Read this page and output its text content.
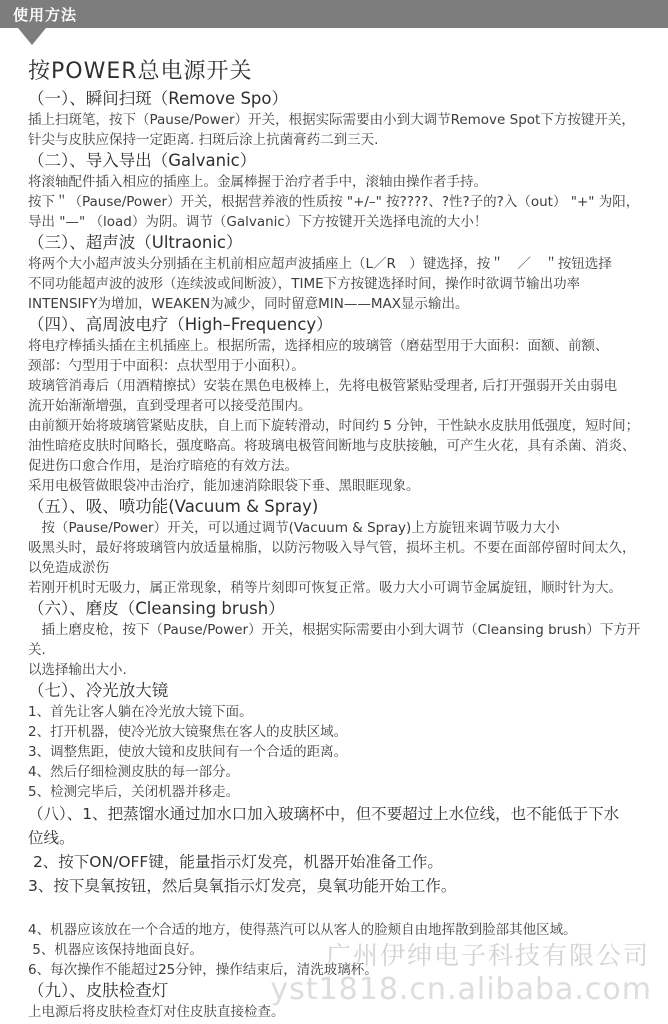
使用方法
按POWER总电源开关
（一）、瞬间扫斑（Remove Spo）
插上扫斑笔，按下（Pause/Power）开关，根据实际需要由小到大调节Remove Spot下方按键开关，
针尖与皮肤应保持一定距离. 扫斑后涂上抗菌膏药二到三天.
（二）、导入导出（Galvanic）
将滚轴配件插入相应的插座上。金属棒握于治疗者手中，滚轴由操作者手持。
按下＂（Pause/Power）开关，根据营养液的性质按 "+/–" 按????、?性?子的?入（out） "+" 为阳，
导出 "—" （load）为阴。调节（Galvanic）下方按键开关选择电流的大小！
（三）、超声波（Ultraonic）
将两个大小超声波头分别插在主机前相应超声波插座上（L／R　）键选择，按＂　／　＂按钮选择
不同功能超声波的波形（连续波或间断波），TIME下方按键选择时间，操作时欲调节输出功率
INTENSIFY为增加，WEAKEN为减少，同时留意MIN——MAX显示输出。
（四）、高周波电疗（High–Frequency）
将电疗棒插头插在主机插座上。根据所需，选择相应的玻璃管（磨菇型用于大面积：面额、前额、
颈部：勺型用于中面积：点状型用于小面积）。
玻璃管消毒后（用酒精擦拭）安装在黑色电极棒上，先将电极管紧贴受理者, 后打开强弱开关由弱电
流开始渐渐增强，直到受理者可以接受范围内。
由前额开始将玻璃管紧贴皮肤，自上而下旋转滑动，时间约 5 分钟，干性缺水皮肤用低强度，短时间；
油性暗疮皮肤时间略长，强度略高。将玻璃电极管间断地与皮肤接触，可产生火花，具有杀菌、消炎、
促进伤口愈合作用，是治疗暗疮的有效方法。
采用电极管做眼袋冲击治疗，能加速消除眼袋下垂、黑眼眶现象。
（五）、吸、喷功能(Vacuum & Spray)
　按（Pause/Power）开关，可以通过调节(Vacuum & Spray)上方旋钮来调节吸力大小
吸黑头时，最好将玻璃管内放适量棉脂，以防污物吸入导气管，损坏主机。不要在面部停留时间太久，
以免造成淤伤
若刚开机时无吸力，属正常现象，稍等片刻即可恢复正常。吸力大小可调节金属旋钮，顺时针为大。
（六）、磨皮（Cleansing brush）
　插上磨皮枪，按下（Pause/Power）开关，根据实际需要由小到大调节（Cleansing brush）下方开关.
以选择输出大小.
（七）、冷光放大镜
1、首先让客人躺在冷光放大镜下面。
2、打开机器，使冷光放大镜聚焦在客人的皮肤区域。
3、调整焦距，使放大镜和皮肤间有一个合适的距离。
4、然后仔细检测皮肤的每一部分。
5、检测完毕后，关闭机器并移走。
（八）、1、把蒸馏水通过加水口加入玻璃杯中，但不要超过上水位线，也不能低于下水
位线。
2、按下ON/OFF键，能量指示灯发亮，机器开始准备工作。
3、按下臭氧按钮，然后臭氧指示灯发亮，臭氧功能开始工作。
4、机器应该放在一个合适的地方，使得蒸汽可以从客人的脸颊自由地挥散到脸部其他区域。
5、机器应该保持地面良好。
6、每次操作不能超过25分钟，操作结束后，清洗玻璃杯。
（九）、皮肤检查灯
上电源后将皮肤检查灯对住皮肤直接检查。
广州伊绅电子科技有限公司
yst1818.cn.alibaba.com
